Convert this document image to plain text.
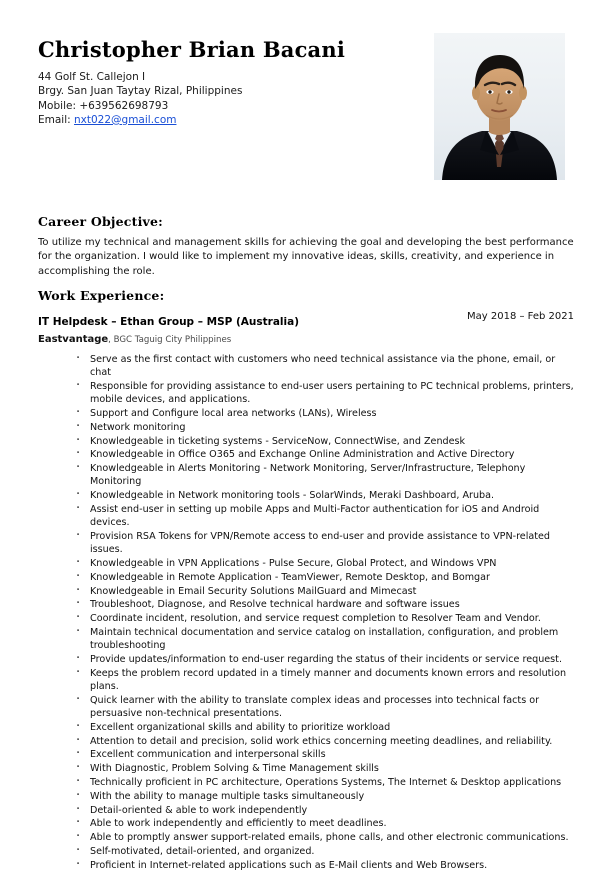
Christopher Brian Bacani
44 Golf St. Callejon I
Brgy. San Juan Taytay Rizal, Philippines
Mobile: +639562698793
Email: nxt022@gmail.com
Career Objective:

To utilize my technical and management skills for achieving the goal and developing the best performance for the organization. I would like to implement my innovative ideas, skills, creativity, and experience in accomplishing the role.

Work Experience:
IT Helpdesk – Ethan Group – MSP (Australia)	May 2018 – Feb 2021
Eastvantage, BGC Taguig City Philippines
· Serve as the first contact with customers who need technical assistance via the phone, email, or chat
· Responsible for providing assistance to end-user users pertaining to PC technical problems, printers, mobile devices, and applications.
· Support and Configure local area networks (LANs), Wireless
· Network monitoring
· Knowledgeable in ticketing systems - ServiceNow, ConnectWise, and Zendesk
· Knowledgeable in Office O365 and Exchange Online Administration and Active Directory
· Knowledgeable in Alerts Monitoring - Network Monitoring, Server/Infrastructure, Telephony Monitoring
· Knowledgeable in Network monitoring tools - SolarWinds, Meraki Dashboard, Aruba.
· Assist end-user in setting up mobile Apps and Multi-Factor authentication for iOS and Android devices.
· Provision RSA Tokens for VPN/Remote access to end-user and provide assistance to VPN-related issues.
· Knowledgeable in VPN Applications - Pulse Secure, Global Protect, and Windows VPN
· Knowledgeable in Remote Application - TeamViewer, Remote Desktop, and Bomgar
· Knowledgeable in Email Security Solutions MailGuard and Mimecast
· Troubleshoot, Diagnose, and Resolve technical hardware and software issues
· Coordinate incident, resolution, and service request completion to Resolver Team and Vendor.
· Maintain technical documentation and service catalog on installation, configuration, and problem troubleshooting
· Provide updates/information to end-user regarding the status of their incidents or service request.
· Keeps the problem record updated in a timely manner and documents known errors and resolution plans.
· Quick learner with the ability to translate complex ideas and processes into technical facts or persuasive non-technical presentations.
· Excellent organizational skills and ability to prioritize workload
· Attention to detail and precision, solid work ethics concerning meeting deadlines, and reliability.
· Excellent communication and interpersonal skills
· With Diagnostic, Problem Solving & Time Management skills
· Technically proficient in PC architecture, Operations Systems, The Internet & Desktop applications
· With the ability to manage multiple tasks simultaneously
· Detail-oriented & able to work independently
· Able to work independently and efficiently to meet deadlines.
· Able to promptly answer support-related emails, phone calls, and other electronic communications.
· Self-motivated, detail-oriented, and organized.
· Proficient in Internet-related applications such as E-Mail clients and Web Browsers.
